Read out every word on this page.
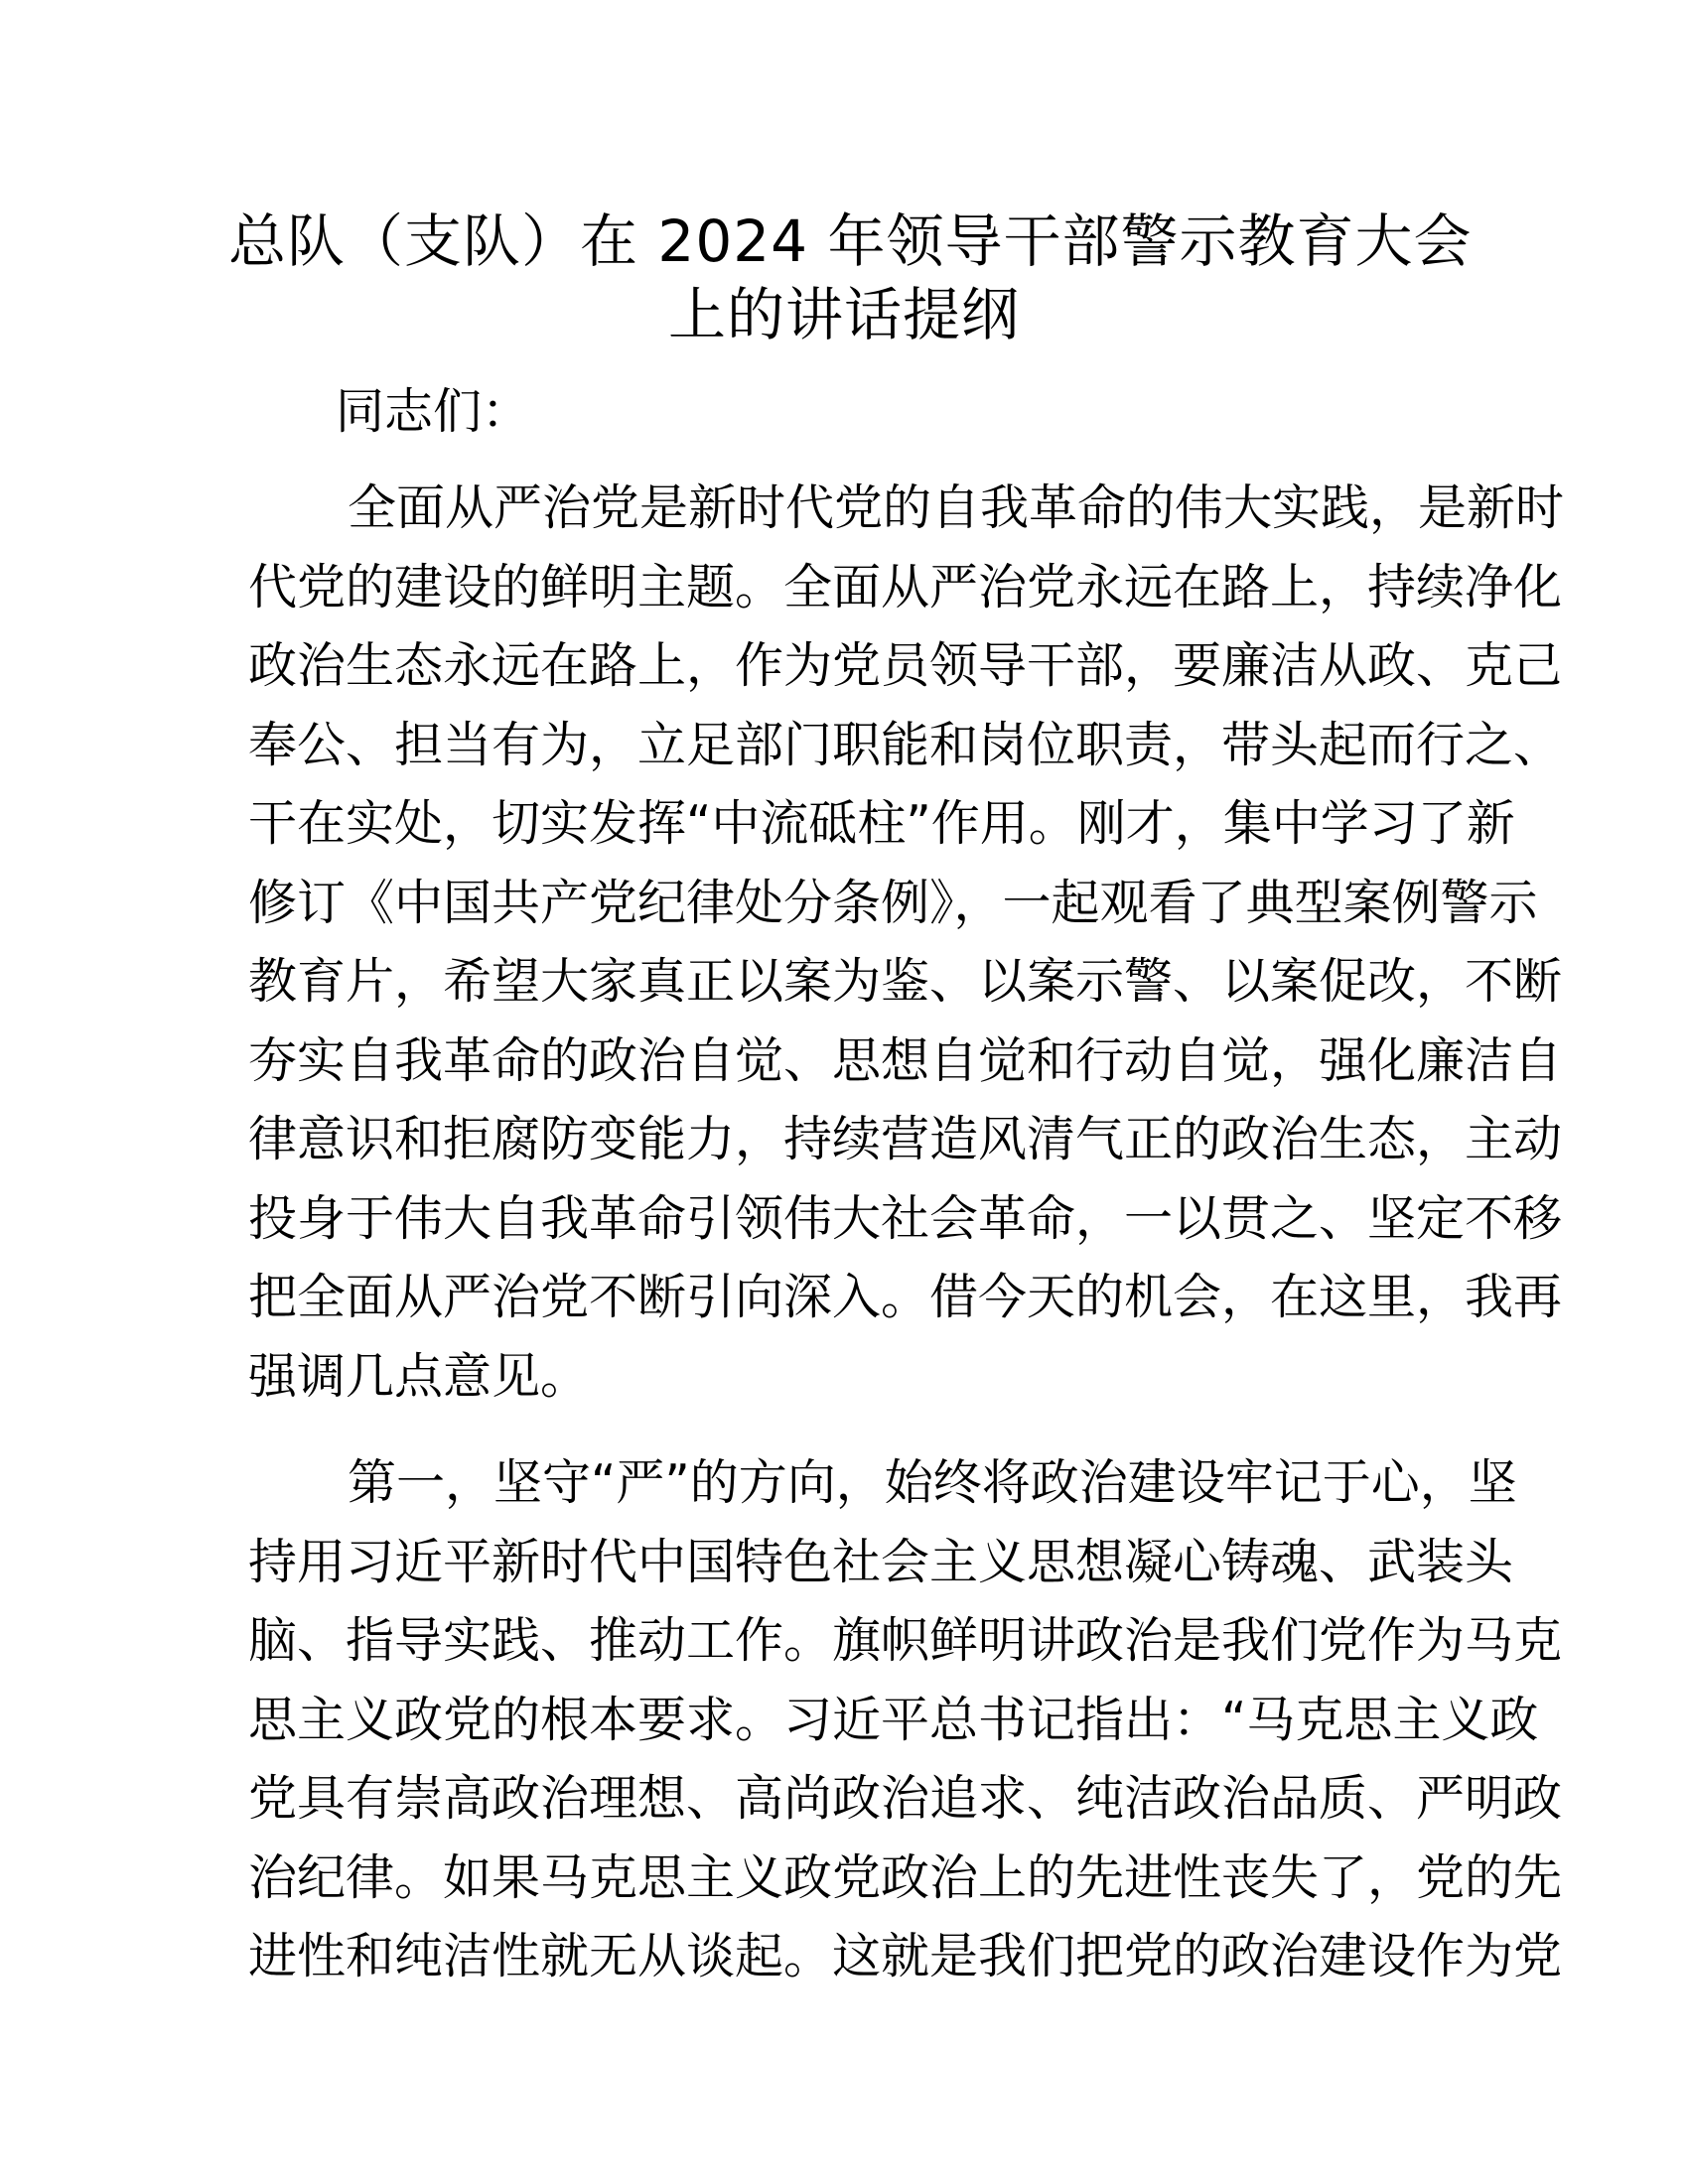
总队（支队）在 2024 年领导干部警示教育大会
上的讲话提纲
同志们：
全面从严治党是新时代党的自我革命的伟大实践，是新时
代党的建设的鲜明主题。全面从严治党永远在路上，持续净化
政治生态永远在路上，作为党员领导干部，要廉洁从政、克己
奉公、担当有为，立足部门职能和岗位职责，带头起而行之、
干在实处，切实发挥“中流砥柱”作用。刚才，集中学习了新
修订《中国共产党纪律处分条例》，一起观看了典型案例警示
教育片，希望大家真正以案为鉴、以案示警、以案促改，不断
夯实自我革命的政治自觉、思想自觉和行动自觉，强化廉洁自
律意识和拒腐防变能力，持续营造风清气正的政治生态，主动
投身于伟大自我革命引领伟大社会革命，一以贯之、坚定不移
把全面从严治党不断引向深入。借今天的机会，在这里，我再
强调几点意见。
第一，坚守“严”的方向，始终将政治建设牢记于心，坚
持用习近平新时代中国特色社会主义思想凝心铸魂、武装头
脑、指导实践、推动工作。旗帜鲜明讲政治是我们党作为马克
思主义政党的根本要求。习近平总书记指出：“马克思主义政
党具有崇高政治理想、高尚政治追求、纯洁政治品质、严明政
治纪律。如果马克思主义政党政治上的先进性丧失了，党的先
进性和纯洁性就无从谈起。这就是我们把党的政治建设作为党
